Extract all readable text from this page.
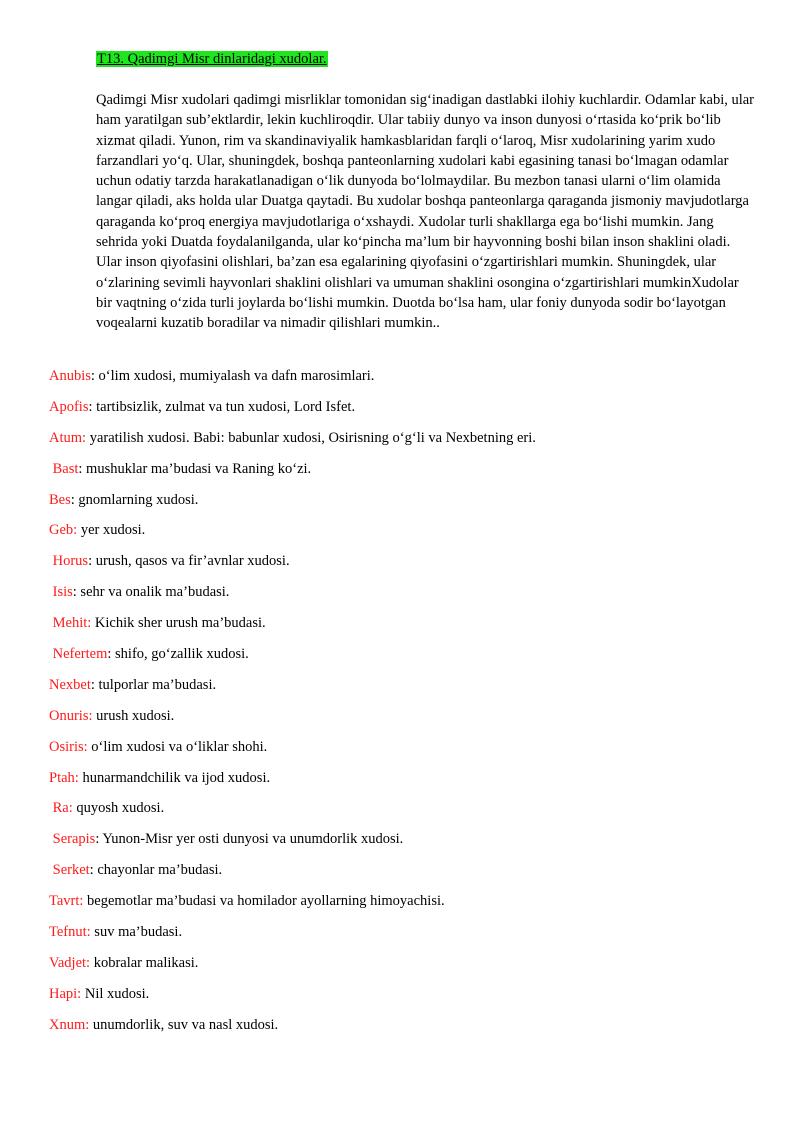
T13. Qadimgi Misr dinlaridagi xudolar.

Qadimgi Misr xudolari qadimgi misrliklar tomonidan sig‘inadigan dastlabki ilohiy kuchlardir. Odamlar kabi, ular ham yaratilgan sub’ektlardir, lekin kuchliroqdir. Ular tabiiy dunyo va inson dunyosi o‘rtasida ko‘prik bo‘lib xizmat qiladi. Yunon, rim va skandinaviyalik hamkasblaridan farqli o‘laroq, Misr xudolarining yarim xudo farzandlari yo‘q. Ular, shuningdek, boshqa panteonlarning xudolari kabi egasining tanasi bo‘lmagan odamlar uchun odatiy tarzda harakatlanadigan o‘lik dunyoda bo‘lolmaydilar. Bu mezbon tanasi ularni o‘lim olamida langar qiladi, aks holda ular Duatga qaytadi. Bu xudolar boshqa panteonlarga qaraganda jismoniy mavjudotlarga qaraganda ko‘proq energiya mavjudotlariga o‘xshaydi. Xudolar turli shakllarga ega bo‘lishi mumkin. Jang sehrida yoki Duatda foydalanilganda, ular ko‘pincha ma’lum bir hayvonning boshi bilan inson shaklini oladi. Ular inson qiyofasini olishlari, ba’zan esa egalarining qiyofasini o‘zgartirishlari mumkin. Shuningdek, ular o‘zlarining sevimli hayvonlari shaklini olishlari va umuman shaklini osongina o‘zgartirishlari mumkinXudolar bir vaqtning o‘zida turli joylarda bo‘lishi mumkin. Duotda bo‘lsa ham, ular foniy dunyoda sodir bo‘layotgan voqealarni kuzatib boradilar va nimadir qilishlari mumkin..

Anubis: o‘lim xudosi, mumiyalash va dafn marosimlari.
Apofis: tartibsizlik, zulmat va tun xudosi, Lord Isfet.
Atum: yaratilish xudosi. Babi: babunlar xudosi, Osirisning o‘g‘li va Nexbetning eri.
Bast: mushuklar ma’budasi va Raning ko‘zi.
Bes: gnomlarning xudosi.
Geb: yer xudosi.
Horus: urush, qasos va fir’avnlar xudosi.
Isis: sehr va onalik ma’budasi.
Mehit: Kichik sher urush ma’budasi.
Nefertem: shifo, go‘zallik xudosi.
Nexbet: tulporlar ma’budasi.
Onuris: urush xudosi.
Osiris: o‘lim xudosi va o‘liklar shohi.
Ptah: hunarmandchilik va ijod xudosi.
Ra: quyosh xudosi.
Serapis: Yunon-Misr yer osti dunyosi va unumdorlik xudosi.
Serket: chayonlar ma’budasi.
Tavrt: begemotlar ma’budasi va homilador ayollarning himoyachisi.
Tefnut: suv ma’budasi.
Vadjet: kobralar malikasi.
Hapi: Nil xudosi.
Xnum: unumdorlik, suv va nasl xudosi.
